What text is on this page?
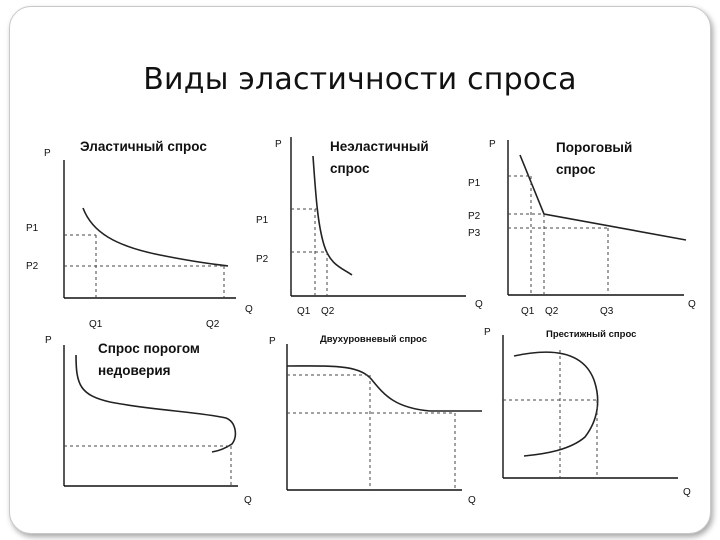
Виды эластичности спроса
Эластичный спрос
P
Q
P1
P2
Q1	Q2
Неэластичный
спрос
P
Q
P1
P2
Q1 Q2
Пороговый
спрос
P
Q
P1
P2
P3
Q1 Q2	Q3
Спрос порогом
недоверия
P
Q
Двухуровневый спрос
P
Q
Престижный спрос
P
Q
